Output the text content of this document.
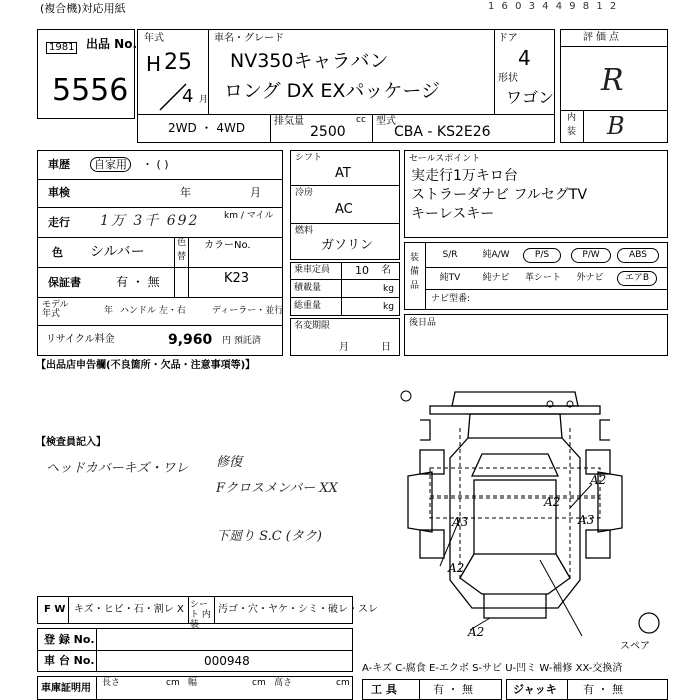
(複合機)対応用紙	1 6 0 3 4 4 9 8 1 2
出品 No.
1981
5556
年式
H 25
4 月
車名・グレード
NV350キャラバン
ロング DX EXパッケージ
ドア
4
形状
ワゴン
2WD ・ 4WD	排気量	cc
2500
型式
CBA - KS2E26
評価点
R
内
装 B
車歴	自家用	・ ( )
車検	年	月
走行 1万 3千 692	km / マイル
色 シルバー
色
替
カラーNo.
K23
保証書	有 ・ 無
モデル 年式	年 ハンドル 左・右	ディーラー・並行
リサイクル料金	9,960 円 預託済
シフト
AT
冷房
AC
燃料
ガソリン
乗車定員 10 名
積載量	kg
総重量	kg
名変期限
月	日
セールスポイント
実走行1万キロ台
ストラーダナビ フルセグTV
キーレスキー
装備品
S/R	純A/W	P/S	P/W	ABS
純TV	純ナビ	革シート	外ナビ	エアB
ナビ型番:
後日品
【出品店申告欄(不良箇所・欠品・注意事項等)】
【検査員記入】
ヘッドカバーキズ・ワレ 修復
Fクロスメンバー XX
下廻り S.C (タク)
A2
A2
A3	A3
A2
A2
スペア
F W キズ・ヒビ・石・割レ X シート 内装
汚ゴ・穴・ヤケ・シミ・破レ・スレ
登 録 No.
車 台 No.	000948
車庫証明用 長さ	cm 幅	cm 高さ	cm
A-キズ C-腐食 E-エクボ S-サビ U-凹ミ W-補修 XX-交換済
工 具	有 ・ 無	ジャッキ 有 ・ 無
